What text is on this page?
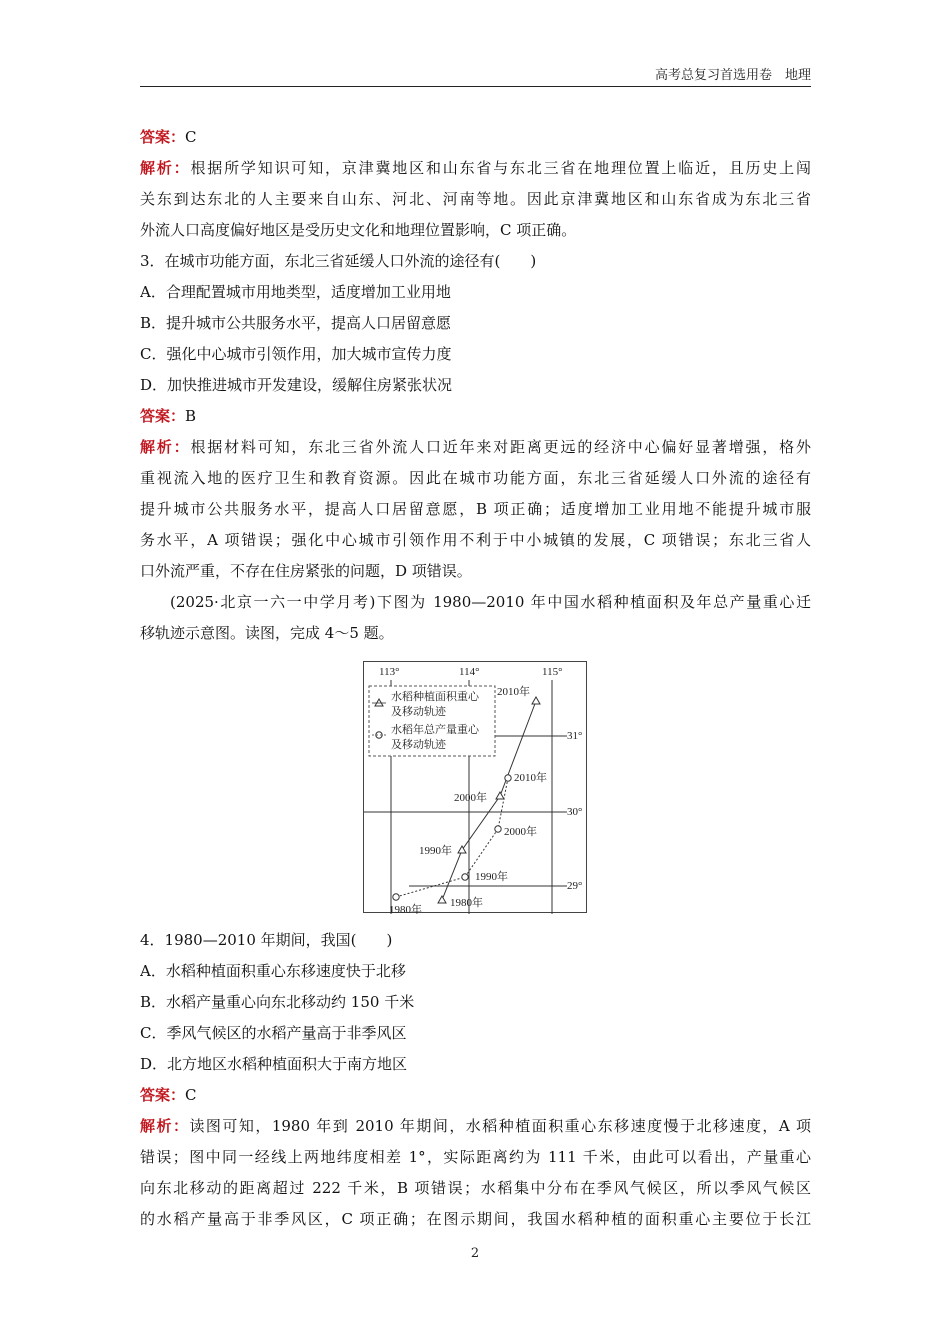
高考总复习首选用卷　地理
答案：C
解析：根据所学知识可知，京津冀地区和山东省与东北三省在地理位置上临近，且历史上闯
关东到达东北的人主要来自山东、河北、河南等地。因此京津冀地区和山东省成为东北三省
外流人口高度偏好地区是受历史文化和地理位置影响，C 项正确。
3．在城市功能方面，东北三省延缓人口外流的途径有(　　)
A．合理配置城市用地类型，适度增加工业用地
B．提升城市公共服务水平，提高人口居留意愿
C．强化中心城市引领作用，加大城市宣传力度
D．加快推进城市开发建设，缓解住房紧张状况
答案：B
解析：根据材料可知，东北三省外流人口近年来对距离更远的经济中心偏好显著增强，格外
重视流入地的医疗卫生和教育资源。因此在城市功能方面，东北三省延缓人口外流的途径有
提升城市公共服务水平，提高人口居留意愿，B 项正确；适度增加工业用地不能提升城市服
务水平，A 项错误；强化中心城市引领作用不利于中小城镇的发展，C 项错误；东北三省人
口外流严重，不存在住房紧张的问题，D 项错误。
(2025·北京一六一中学月考)下图为 1980—2010 年中国水稻种植面积及年总产量重心迁
移轨迹示意图。读图，完成 4～5 题。
113°	114°	115°
31°
30°
29°
水稻种植面积重心
及移动轨迹
水稻年总产量重心
及移动轨迹
1980年
1990年
2000年
2010年
1980年
1990年
2000年
2010年
4．1980—2010 年期间，我国(　　)
A．水稻种植面积重心东移速度快于北移
B．水稻产量重心向东北移动约 150 千米
C．季风气候区的水稻产量高于非季风区
D．北方地区水稻种植面积大于南方地区
答案：C
解析：读图可知，1980 年到 2010 年期间，水稻种植面积重心东移速度慢于北移速度，A 项
错误；图中同一经线上两地纬度相差 1°，实际距离约为 111 千米，由此可以看出，产量重心
向东北移动的距离超过 222 千米，B 项错误；水稻集中分布在季风气候区，所以季风气候区
的水稻产量高于非季风区，C 项正确；在图示期间，我国水稻种植的面积重心主要位于长江
2
